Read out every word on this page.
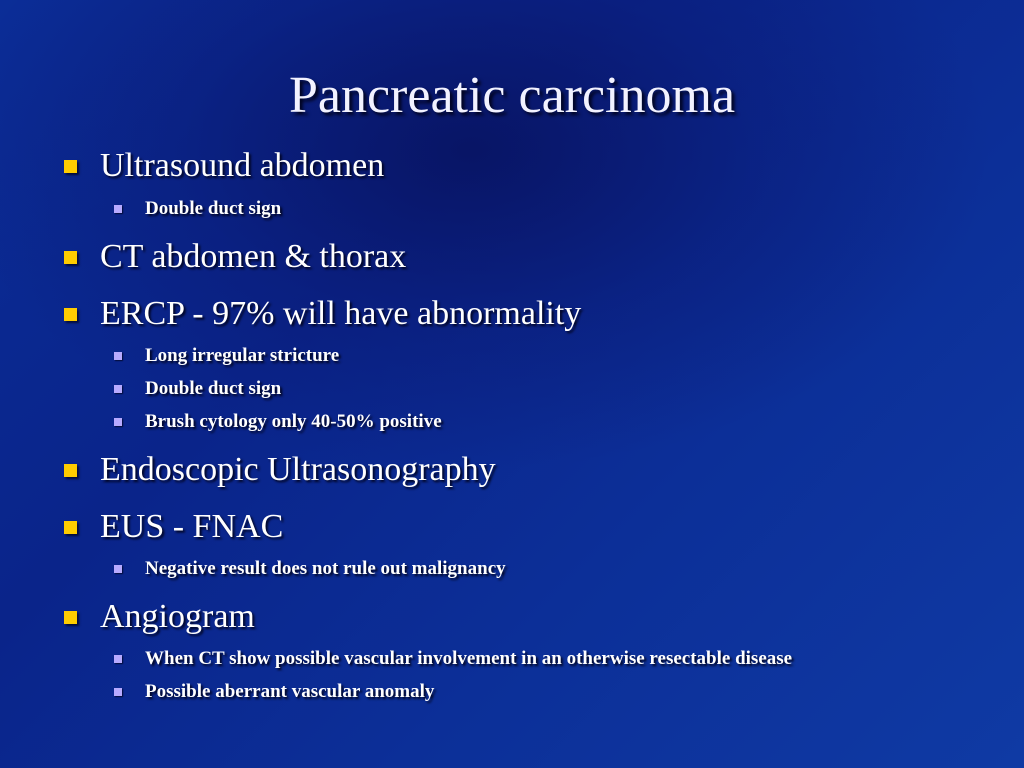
Pancreatic carcinoma
Ultrasound abdomen
Double duct sign
CT abdomen & thorax
ERCP - 97% will have abnormality
Long irregular stricture
Double duct sign
Brush cytology only 40-50% positive
Endoscopic Ultrasonography
EUS - FNAC
Negative result does not rule out malignancy
Angiogram
When CT show possible vascular involvement in an otherwise resectable disease
Possible aberrant vascular anomaly
